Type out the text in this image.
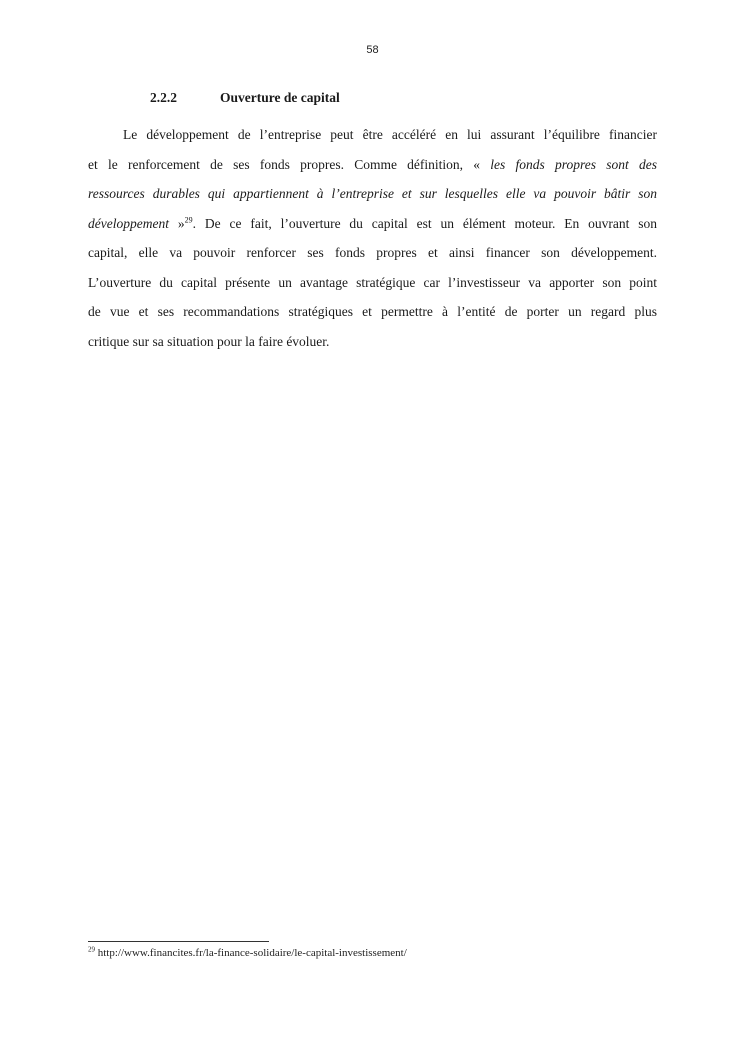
58
2.2.2	Ouverture de capital
Le développement de l’entreprise peut être accéléré en lui assurant l’équilibre financier
et le renforcement de ses fonds propres. Comme définition, « les fonds propres sont des
ressources durables qui appartiennent à l’entreprise et sur lesquelles elle va pouvoir bâtir son
développement »$^{29}$. De ce fait, l’ouverture du capital est un élément moteur. En ouvrant son
capital, elle va pouvoir renforcer ses fonds propres et ainsi financer son développement.
L’ouverture du capital présente un avantage stratégique car l’investisseur va apporter son point
de vue et ses recommandations stratégiques et permettre à l’entité de porter un regard plus
critique sur sa situation pour la faire évoluer.
$^{29}$ http://www.financites.fr/la-finance-solidaire/le-capital-investissement/
